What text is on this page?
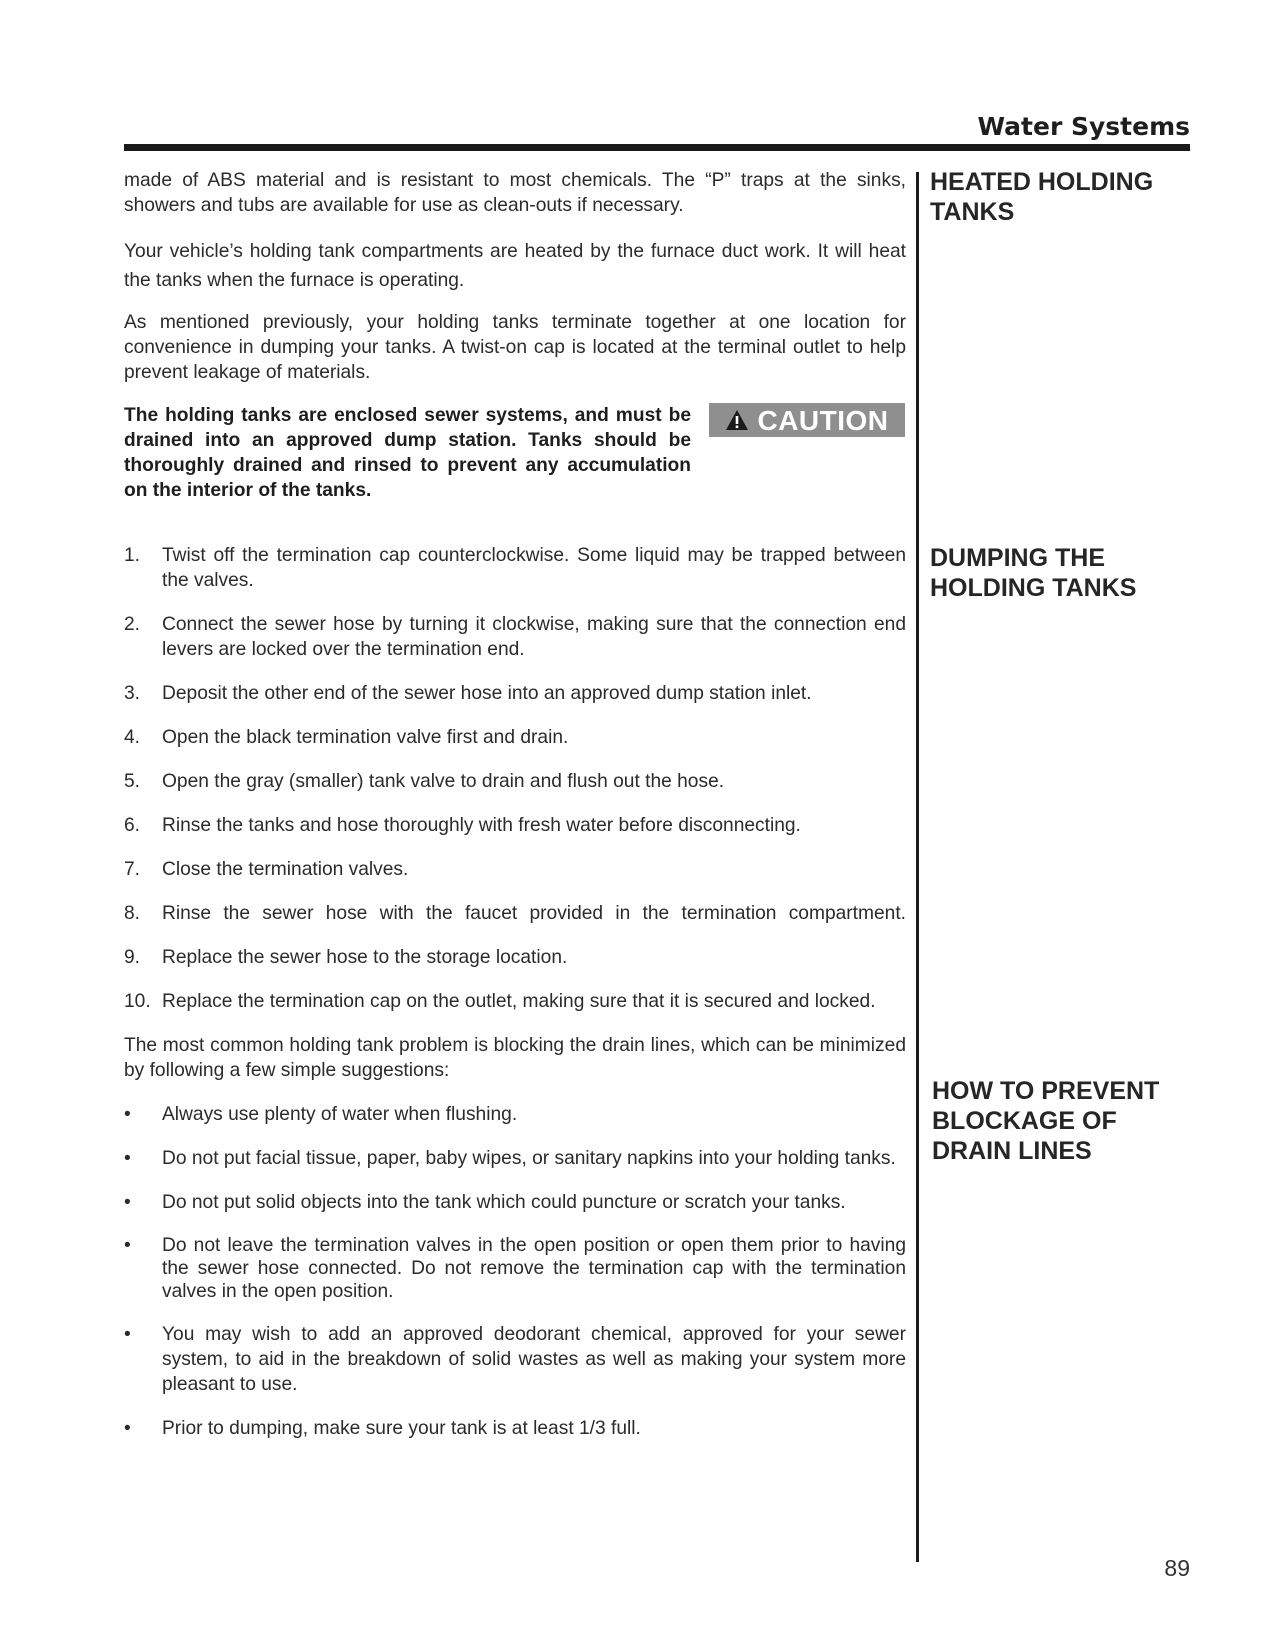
Water Systems

made of ABS material and is resistant to most chemicals. The “P” traps at the sinks, showers and tubs are available for use as clean-outs if necessary.

Your vehicle’s holding tank compartments are heated by the furnace duct work. It will heat the tanks when the furnace is operating.

As mentioned previously, your holding tanks terminate together at one location for convenience in dumping your tanks. A twist-on cap is located at the terminal outlet to help prevent leakage of materials.

The holding tanks are enclosed sewer systems, and must be drained into an approved dump station. Tanks should be thoroughly drained and rinsed to prevent any accumulation on the interior of the tanks.

CAUTION
1.	Twist off the termination cap counterclockwise. Some liquid may be trapped between the valves.
2.	Connect the sewer hose by turning it clockwise, making sure that the connection end levers are locked over the termination end.
3.	Deposit the other end of the sewer hose into an approved dump station inlet.
4.	Open the black termination valve first and drain.
5.	Open the gray (smaller) tank valve to drain and flush out the hose.
6.	Rinse the tanks and hose thoroughly with fresh water before disconnecting.
7.	Close the termination valves.
8.	Rinse the sewer hose with the faucet provided in the termination compartment.
9.	Replace the sewer hose to the storage location.
10. Replace the termination cap on the outlet, making sure that it is secured and locked.

The most common holding tank problem is blocking the drain lines, which can be minimized by following a few simple suggestions:

•	Always use plenty of water when flushing.
•	Do not put facial tissue, paper, baby wipes, or sanitary napkins into your holding tanks.
•	Do not put solid objects into the tank which could puncture or scratch your tanks.
•	Do not leave the termination valves in the open position or open them prior to having the sewer hose connected. Do not remove the termination cap with the termination valves in the open position.
•	You may wish to add an approved deodorant chemical, approved for your sewer system, to aid in the breakdown of solid wastes as well as making your system more pleasant to use.
•	Prior to dumping, make sure your tank is at least 1/3 full.
HEATED HOLDING
TANKS
DUMPING THE
HOLDING TANKS
HOW TO PREVENT
BLOCKAGE OF
DRAIN LINES
89
